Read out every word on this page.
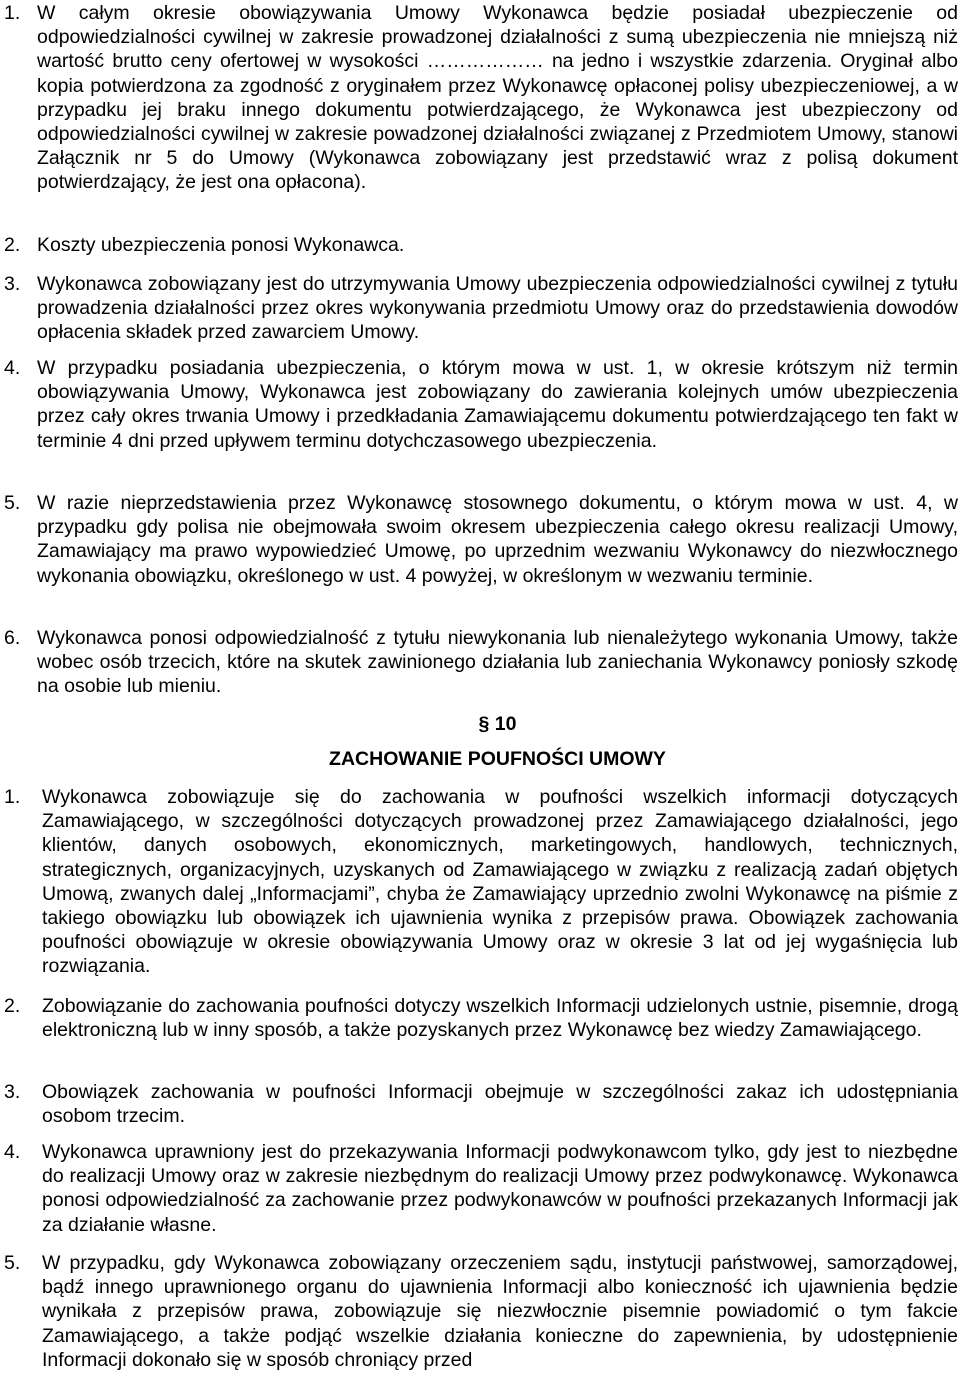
1. W całym okresie obowiązywania Umowy Wykonawca będzie posiadał ubezpieczenie od odpowiedzialności cywilnej w zakresie prowadzonej działalności z sumą ubezpieczenia nie mniejszą niż wartość brutto ceny ofertowej w wysokości ……………… na jedno i wszystkie zdarzenia. Oryginał albo kopia potwierdzona za zgodność z oryginałem przez Wykonawcę opłaconej polisy ubezpieczeniowej, a w przypadku jej braku innego dokumentu potwierdzającego, że Wykonawca jest ubezpieczony od odpowiedzialności cywilnej w zakresie powadzonej działalności związanej z Przedmiotem Umowy, stanowi Załącznik nr 5 do Umowy (Wykonawca zobowiązany jest przedstawić wraz z polisą dokument potwierdzający, że jest ona opłacona).

2. Koszty ubezpieczenia ponosi Wykonawca.

3. Wykonawca zobowiązany jest do utrzymywania Umowy ubezpieczenia odpowiedzialności cywilnej z tytułu prowadzenia działalności przez okres wykonywania przedmiotu Umowy oraz do przedstawienia dowodów opłacenia składek przed zawarciem Umowy.

4. W przypadku posiadania ubezpieczenia, o którym mowa w ust. 1, w okresie krótszym niż termin obowiązywania Umowy, Wykonawca jest zobowiązany do zawierania kolejnych umów ubezpieczenia przez cały okres trwania Umowy i przedkładania Zamawiającemu dokumentu potwierdzającego ten fakt w terminie 4 dni przed upływem terminu dotychczasowego ubezpieczenia.

5. W razie nieprzedstawienia przez Wykonawcę stosownego dokumentu, o którym mowa w ust. 4, w przypadku gdy polisa nie obejmowała swoim okresem ubezpieczenia całego okresu realizacji Umowy, Zamawiający ma prawo wypowiedzieć Umowę, po uprzednim wezwaniu Wykonawcy do niezwłocznego wykonania obowiązku, określonego w ust. 4 powyżej, w określonym w wezwaniu terminie.

6. Wykonawca ponosi odpowiedzialność z tytułu niewykonania lub nienależytego wykonania Umowy, także wobec osób trzecich, które na skutek zawinionego działania lub zaniechania Wykonawcy poniosły szkodę na osobie lub mieniu.

§ 10
ZACHOWANIE POUFNOŚCI UMOWY
1. Wykonawca zobowiązuje się do zachowania w poufności wszelkich informacji dotyczących Zamawiającego, w szczególności dotyczących prowadzonej przez Zamawiającego działalności, jego klientów, danych osobowych, ekonomicznych, marketingowych, handlowych, technicznych, strategicznych, organizacyjnych, uzyskanych od Zamawiającego w związku z realizacją zadań objętych Umową, zwanych dalej „Informacjami”, chyba że Zamawiający uprzednio zwolni Wykonawcę na piśmie z takiego obowiązku lub obowiązek ich ujawnienia wynika z przepisów prawa. Obowiązek zachowania poufności obowiązuje w okresie obowiązywania Umowy oraz w okresie 3 lat od jej wygaśnięcia lub rozwiązania.

2. Zobowiązanie do zachowania poufności dotyczy wszelkich Informacji udzielonych ustnie, pisemnie, drogą elektroniczną lub w inny sposób, a także pozyskanych przez Wykonawcę bez wiedzy Zamawiającego.

3. Obowiązek zachowania w poufności Informacji obejmuje w szczególności zakaz ich udostępniania osobom trzecim.

4. Wykonawca uprawniony jest do przekazywania Informacji podwykonawcom tylko, gdy jest to niezbędne do realizacji Umowy oraz w zakresie niezbędnym do realizacji Umowy przez podwykonawcę. Wykonawca ponosi odpowiedzialność za zachowanie przez podwykonawców w poufności przekazanych Informacji jak za działanie własne.

5. W przypadku, gdy Wykonawca zobowiązany orzeczeniem sądu, instytucji państwowej, samorządowej, bądź innego uprawnionego organu do ujawnienia Informacji albo konieczność ich ujawnienia będzie wynikała z przepisów prawa, zobowiązuje się niezwłocznie pisemnie powiadomić o tym fakcie Zamawiającego, a także podjąć wszelkie działania konieczne do zapewnienia, by udostępnienie Informacji dokonało się w sposób chroniący przed
